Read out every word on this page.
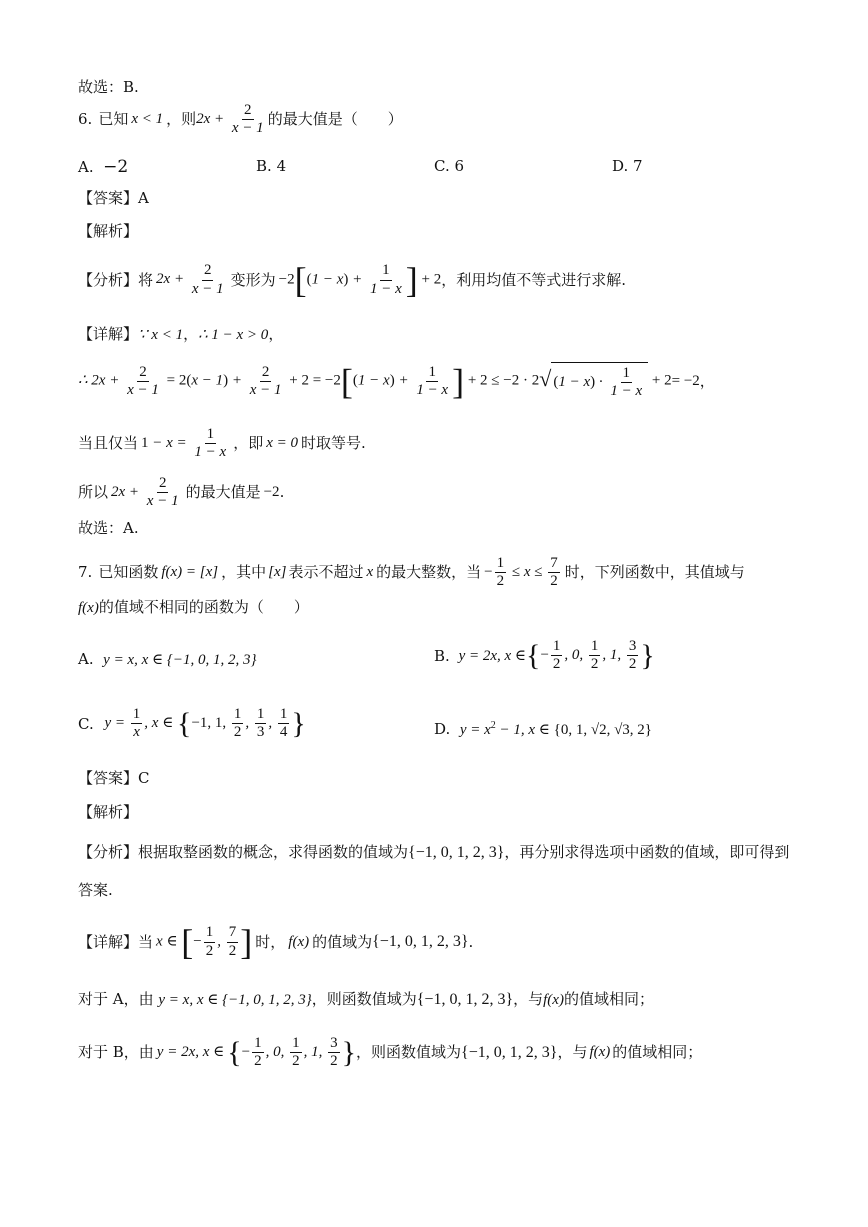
故选：B.
6. 已知 x < 1 ，则 $2x + \frac{2}{x - 1}$ 的最大值是（　　）
A. −2	B. 4	C. 6	D. 7
【答案】A
【解析】
【分析】 将 $2x + \frac{2}{x - 1}$ 变形为 $-2[(1 - x) + \frac{1}{1 - x}$ ] + 2 ，利用均值不等式进行求解.
【详解】∵ x < 1，∴ 1 − x > 0，
∴ $2x + \frac{2}{x - 1} = 2(x - 1) + \frac{2}{x - 1} + 2 = -2[(1 - x) + \frac{1}{1 - x}$ ] + 2 ≤ −2 · 2√ $(1 - x) \cdot \frac{1}{1 - x} + 2 = -2$ ，
当且仅当 $1 - x = \frac{1}{1 - x}$ ，即 x = 0 时取等号.
所以 $2x + \frac{2}{x - 1}$ 的最大值是 −2 .
故选：A.
7. 已知函数 f(x) = [x] ，其中 [x] 表示不超过 x 的最大整数，当 − $\frac{1}{2} \le x \le \frac{7}{2}$ 时，下列函数中，其值域与
f(x)的值域不相同的函数为（　　）
A. y = x, x ∈ {−1, 0, 1, 2, 3}	B.
y = 2x, x ∈ {− $\frac{1}{2}$ , 0, $\frac{1}{2}$ , 1, $\frac{3}{2}$ }
C.
$y = \frac{1}{x}$ , x ∈ {−1, 1, $\frac{1}{2}$ , $\frac{1}{3}$ , $\frac{1}{4}$ }	D. $y = x^2 - 1$, x ∈ {0, 1, √2, √3, 2}
【答案】C
【解析】
【分析】根据取整函数的概念，求得函数的值域为{−1, 0, 1, 2, 3}，再分别求得选项中函数的值域，即可得到
答案.
【详解】 当 x ∈ [− $\frac{1}{2}$ , $\frac{7}{2}$ ] 时， f(x) 的值域为 {−1, 0, 1, 2, 3} .
对于 A，由 y = x, x ∈ {−1, 0, 1, 2, 3}，则函数值域为{−1, 0, 1, 2, 3}，与f(x)的值域相同；
对于 B，由 y = 2x, x ∈ {− $\frac{1}{2}$ , 0, $\frac{1}{2}$ , 1, $\frac{3}{2}$ } ，则函数值域为 {−1, 0, 1, 2, 3} ，与 f(x) 的值域相同；
